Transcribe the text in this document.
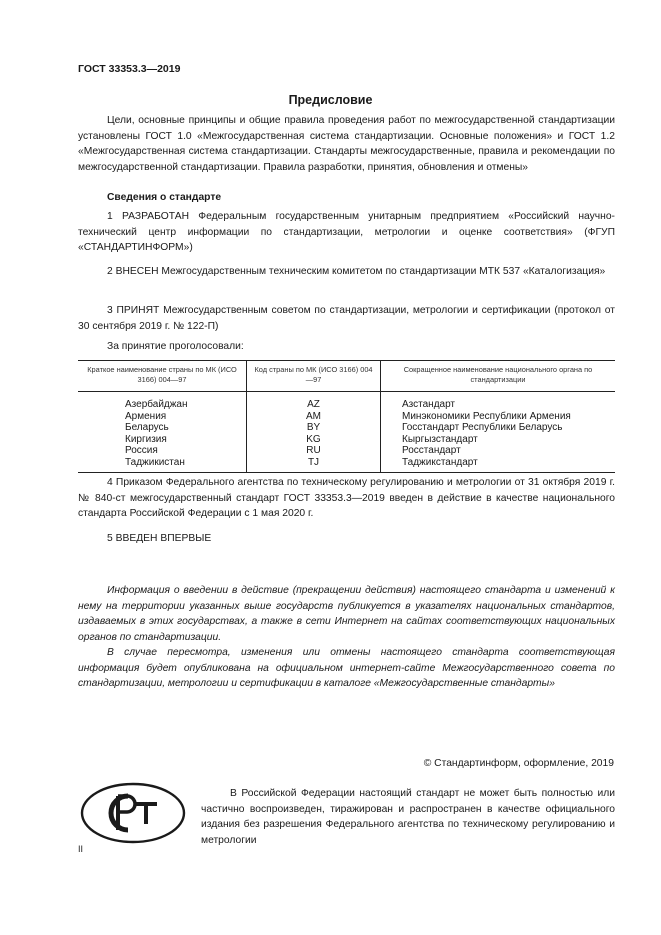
ГОСТ 33353.3—2019
Предисловие
Цели, основные принципы и общие правила проведения работ по межгосударственной стандартизации установлены ГОСТ 1.0 «Межгосударственная система стандартизации. Основные положения» и ГОСТ 1.2 «Межгосударственная система стандартизации. Стандарты межгосударственные, правила и рекомендации по межгосударственной стандартизации. Правила разработки, принятия, обновления и отмены»
Сведения о стандарте
1 РАЗРАБОТАН Федеральным государственным унитарным предприятием «Российский научно-технический центр информации по стандартизации, метрологии и оценке соответствия» (ФГУП «СТАНДАРТИНФОРМ»)
2 ВНЕСЕН Межгосударственным техническим комитетом по стандартизации МТК 537 «Каталогизация»
3 ПРИНЯТ Межгосударственным советом по стандартизации, метрологии и сертификации (протокол от 30 сентября 2019 г. № 122-П)
За принятие проголосовали:
Краткое наименование страны по МК (ИСО 3166) 004—97	Код страны по МК (ИСО 3166) 004—97	Сокращенное наименование национального органа по стандартизации
Азербайджан	AZ	Азстандарт
Армения	AM	Минэкономики Республики Армения
Беларусь	BY	Госстандарт Республики Беларусь
Киргизия	KG	Кыргызстандарт
Россия	RU	Росстандарт
Таджикистан	TJ	Таджикстандарт
4 Приказом Федерального агентства по техническому регулированию и метрологии от 31 октября 2019 г. № 840-ст межгосударственный стандарт ГОСТ 33353.3—2019 введен в действие в качестве национального стандарта Российской Федерации с 1 мая 2020 г.
5 ВВЕДЕН ВПЕРВЫЕ
Информация о введении в действие (прекращении действия) настоящего стандарта и изменений к нему на территории указанных выше государств публикуется в указателях национальных стандартов, издаваемых в этих государствах, а также в сети Интернет на сайтах соответствующих национальных органов по стандартизации.
В случае пересмотра, изменения или отмены настоящего стандарта соответствующая информация будет опубликована на официальном интернет-сайте Межгосударственного совета по стандартизации, метрологии и сертификации в каталоге «Межгосударственные стандарты»
© Стандартинформ, оформление, 2019
В Российской Федерации настоящий стандарт не может быть полностью или частично воспроизведен, тиражирован и распространен в качестве официального издания без разрешения Федерального агентства по техническому регулированию и метрологии
II
